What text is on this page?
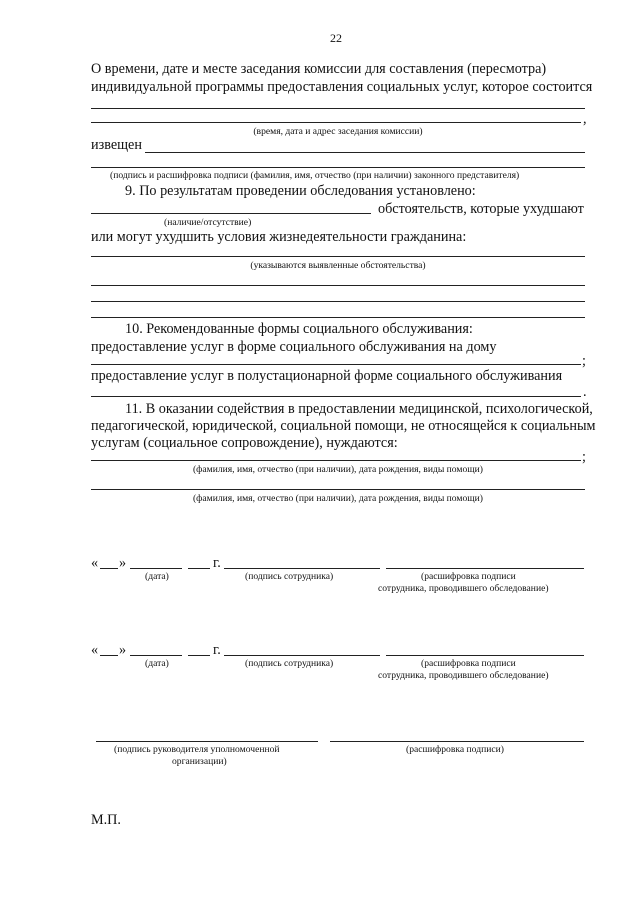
22
О времени, дате и месте заседания комиссии для составления (пересмотра)
индивидуальной программы предоставления социальных услуг, которое состоится
,
(время, дата и адрес заседания комиссии)
извещен
(подпись и расшифровка подписи (фамилия, имя, отчество (при наличии) законного представителя)
9. По результатам проведении обследования установлено:
обстоятельств, которые ухудшают
(наличие/отсутствие)
или могут ухудшить условия жизнедеятельности гражданина:
(указываются выявленные обстоятельства)
10. Рекомендованные формы социального обслуживания:
предоставление услуг в форме социального обслуживания на дому
;
предоставление услуг в полустационарной форме социального обслуживания
.
11. В оказании содействия в предоставлении медицинской, психологической,
педагогической, юридической, социальной помощи, не относящейся к социальным
услугам (социальное сопровождение), нуждаются:
;
(фамилия, имя, отчество (при наличии), дата рождения, виды помощи)
(фамилия, имя, отчество (при наличии), дата рождения, виды помощи)
« »	г.
(дата)	(подпись сотрудника)	(расшифровка подписи
сотрудника, проводившего обследование)
« »	г.
(дата)	(подпись сотрудника)	(расшифровка подписи
сотрудника, проводившего обследование)
(подпись руководителя уполномоченной
организации)
(расшифровка подписи)
М.П.
